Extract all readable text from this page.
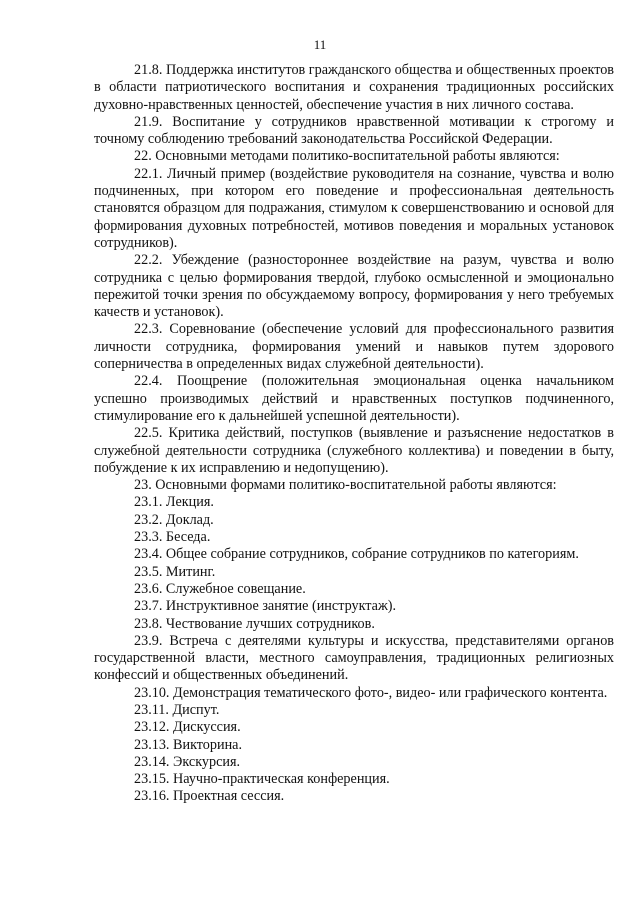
11

21.8. Поддержка институтов гражданского общества и общественных проектов в области патриотического воспитания и сохранения традиционных российских духовно-нравственных ценностей, обеспечение участия в них личного состава.

21.9. Воспитание у сотрудников нравственной мотивации к строгому и точному соблюдению требований законодательства Российской Федерации.

22. Основными методами политико-воспитательной работы являются:

22.1. Личный пример (воздействие руководителя на сознание, чувства и волю подчиненных, при котором его поведение и профессиональная деятельность становятся образцом для подражания, стимулом к совершенствованию и основой для формирования духовных потребностей, мотивов поведения и моральных установок сотрудников).

22.2. Убеждение (разностороннее воздействие на разум, чувства и волю сотрудника с целью формирования твердой, глубоко осмысленной и эмоционально пережитой точки зрения по обсуждаемому вопросу, формирования у него требуемых качеств и установок).

22.3. Соревнование (обеспечение условий для профессионального развития личности сотрудника, формирования умений и навыков путем здорового соперничества в определенных видах служебной деятельности).

22.4. Поощрение (положительная эмоциональная оценка начальником успешно производимых действий и нравственных поступков подчиненного, стимулирование его к дальнейшей успешной деятельности).

22.5. Критика действий, поступков (выявление и разъяснение недостатков в служебной деятельности сотрудника (служебного коллектива) и поведении в быту, побуждение к их исправлению и недопущению).

23. Основными формами политико-воспитательной работы являются:

23.1. Лекция.

23.2. Доклад.

23.3. Беседа.

23.4. Общее собрание сотрудников, собрание сотрудников по категориям.

23.5. Митинг.

23.6. Служебное совещание.

23.7. Инструктивное занятие (инструктаж).

23.8. Чествование лучших сотрудников.

23.9. Встреча с деятелями культуры и искусства, представителями органов государственной власти, местного самоуправления, традиционных религиозных конфессий и общественных объединений.

23.10. Демонстрация тематического фото-, видео- или графического контента.

23.11. Диспут.

23.12. Дискуссия.

23.13. Викторина.

23.14. Экскурсия.

23.15. Научно-практическая конференция.

23.16. Проектная сессия.
